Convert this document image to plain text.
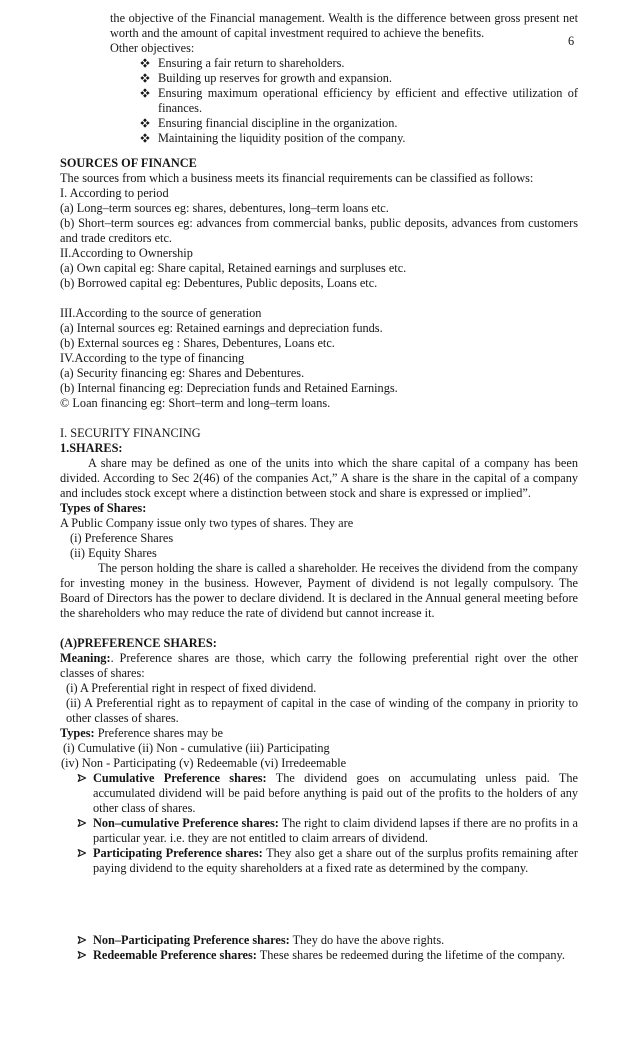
6
the objective of the Financial management. Wealth is the difference between gross present net worth and the amount of capital investment required to achieve the benefits.
Other objectives:
Ensuring a fair return to shareholders.
Building up reserves for growth and expansion.
Ensuring maximum operational efficiency by efficient and effective utilization of finances.
Ensuring financial discipline in the organization.
Maintaining the liquidity position of the company.
SOURCES OF FINANCE
The sources from which a business meets its financial requirements can be classified as follows:
I. According to period
(a) Long–term sources eg: shares, debentures, long–term loans etc.
(b) Short–term sources eg: advances from commercial banks, public deposits, advances from customers and trade creditors etc.
II.According to Ownership
(a) Own capital eg: Share capital, Retained earnings and surpluses etc.
(b) Borrowed capital eg: Debentures, Public deposits, Loans etc.
III.According to the source of generation
(a) Internal sources eg: Retained earnings and depreciation funds.
(b) External sources eg : Shares, Debentures, Loans etc.
IV.According to the type of financing
(a) Security financing eg: Shares and Debentures.
(b) Internal financing eg: Depreciation funds and Retained Earnings.
© Loan financing eg: Short–term and long–term loans.
I. SECURITY FINANCING
1.SHARES:
A share may be defined as one of the units into which the share capital of a company has been divided. According to Sec 2(46) of the companies Act,” A share is the share in the capital of a company and includes stock except where a distinction between stock and share is expressed or implied”.
Types of Shares:
A Public Company issue only two types of shares. They are
(i) Preference Shares
(ii) Equity Shares
The person holding the share is called a shareholder. He receives the dividend from the company for investing money in the business. However, Payment of dividend is not legally compulsory. The Board of Directors has the power to declare dividend. It is declared in the Annual general meeting before the shareholders who may reduce the rate of dividend but cannot increase it.
(A)PREFERENCE SHARES:
Meaning:. Preference shares are those, which carry the following preferential right over the other classes of shares:
(i) A Preferential right in respect of fixed dividend.
(ii) A Preferential right as to repayment of capital in the case of winding of the company in priority to other classes of shares.
Types: Preference shares may be
(i) Cumulative (ii) Non - cumulative (iii) Participating
(iv) Non - Participating (v) Redeemable (vi) Irredeemable
Cumulative Preference shares: The dividend goes on accumulating unless paid. The accumulated dividend will be paid before anything is paid out of the profits to the holders of any other class of shares.
Non–cumulative Preference shares: The right to claim dividend lapses if there are no profits in a particular year. i.e. they are not entitled to claim arrears of dividend.
Participating Preference shares: They also get a share out of the surplus profits remaining after paying dividend to the equity shareholders at a fixed rate as determined by the company.
Non–Participating Preference shares: They do have the above rights.
Redeemable Preference shares: These shares be redeemed during the lifetime of the company.
